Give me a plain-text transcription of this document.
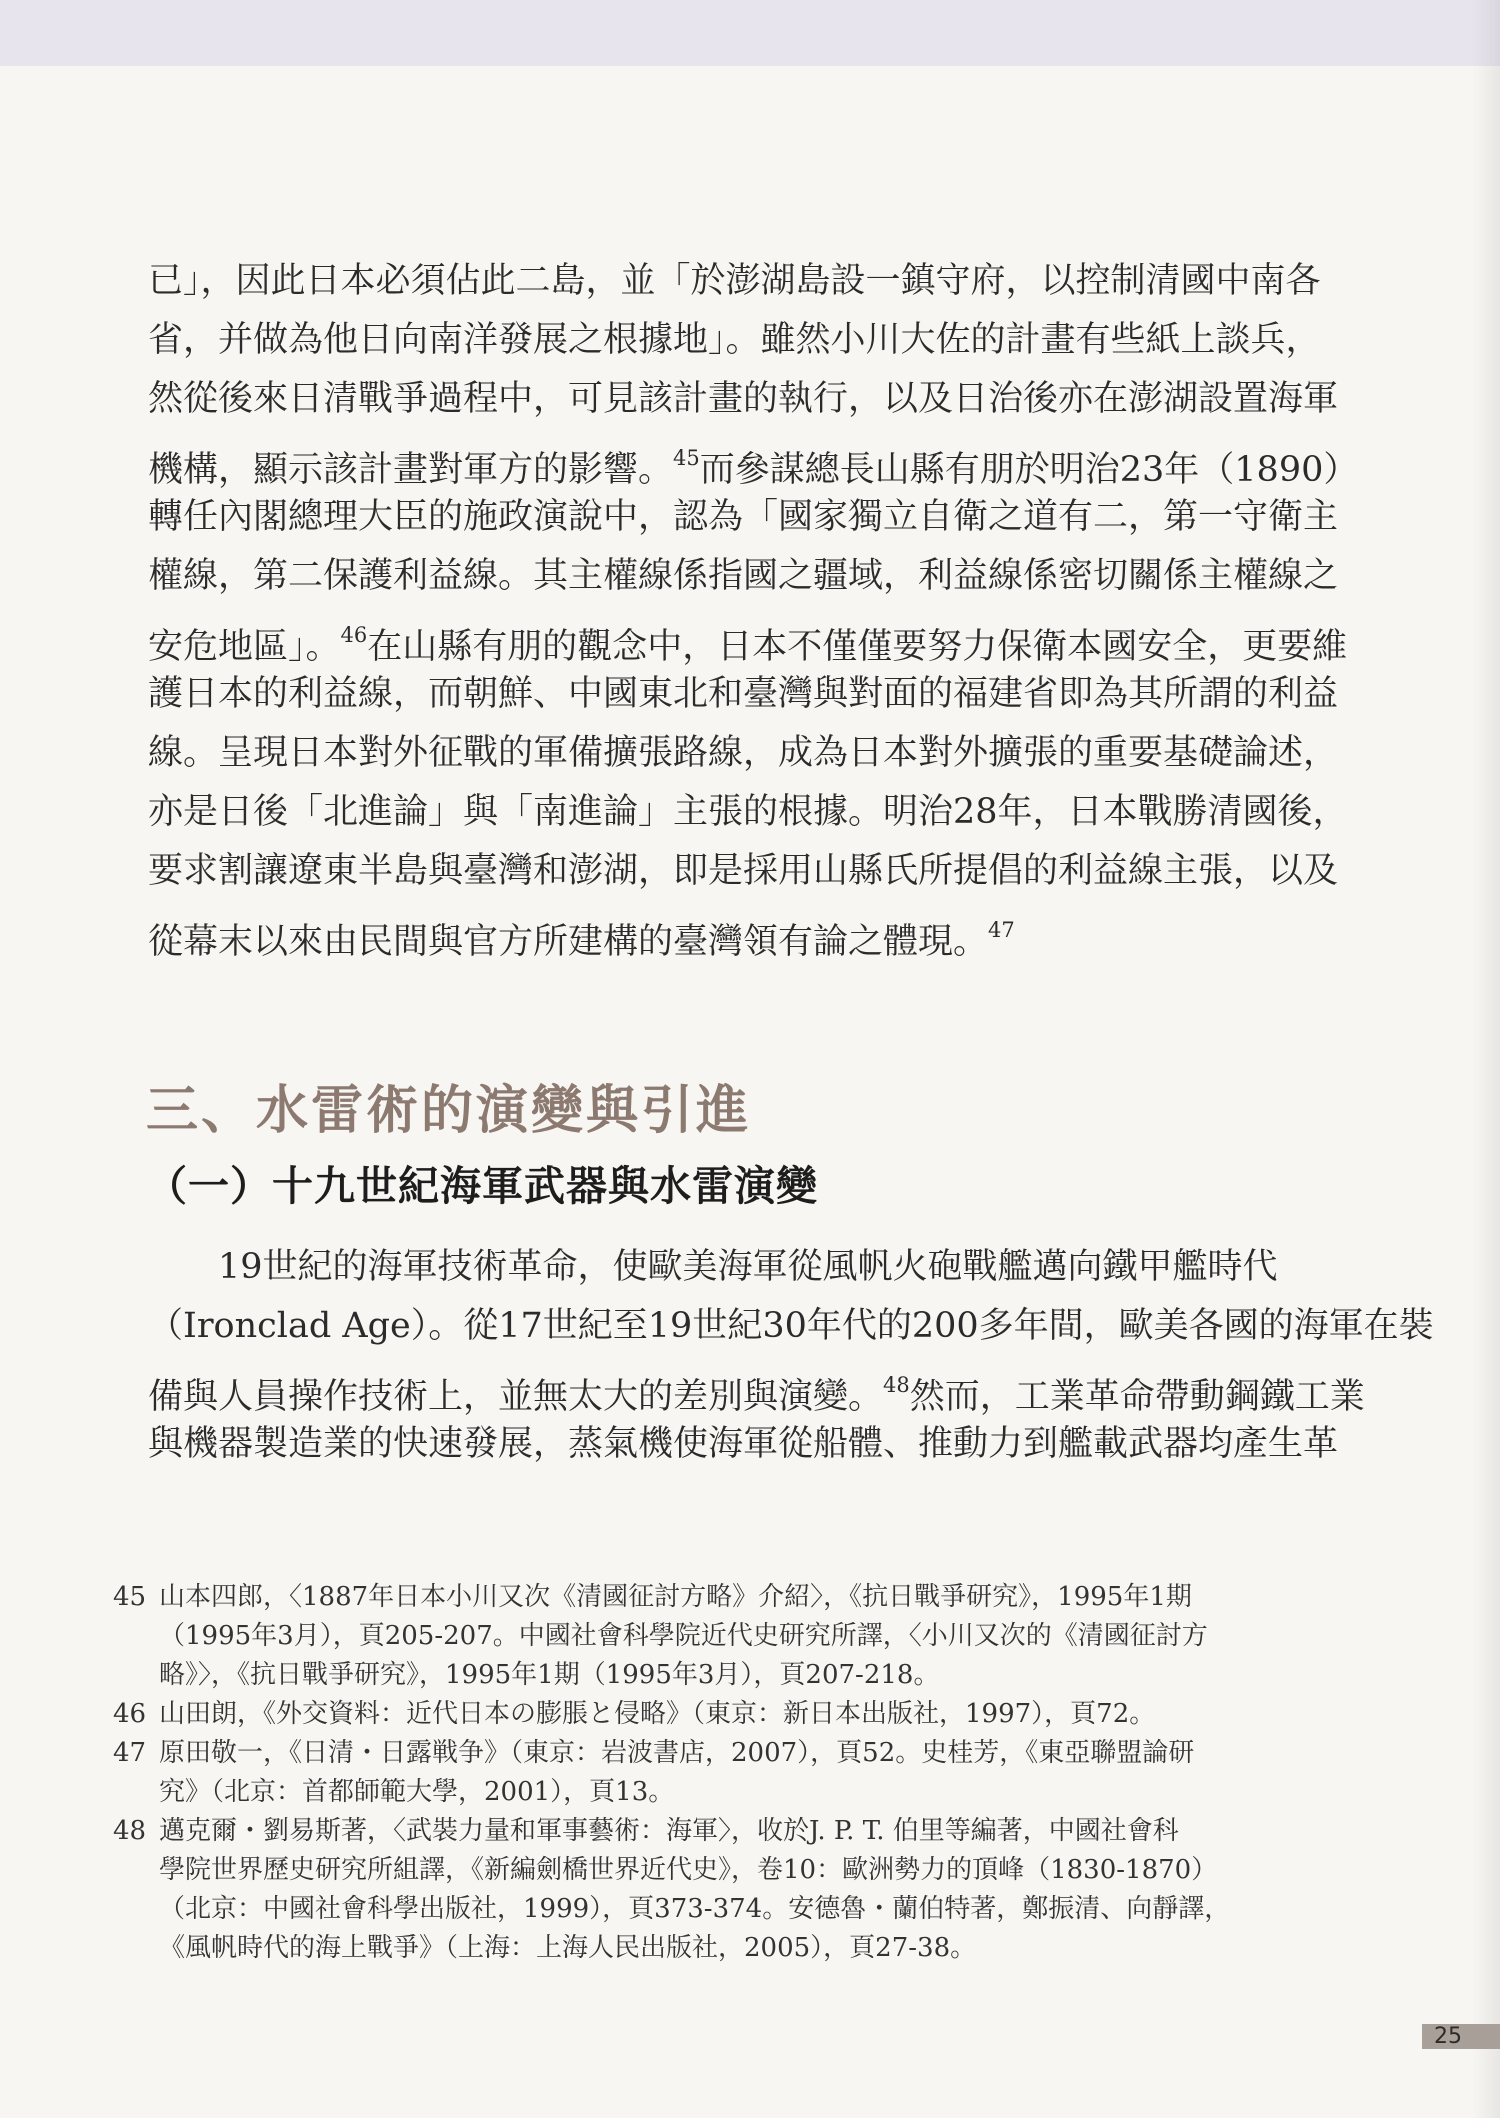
已」，因此日本必須佔此二島，並「於澎湖島設一鎮守府，以控制清國中南各
省，并做為他日向南洋發展之根據地」。雖然小川大佐的計畫有些紙上談兵，
然從後來日清戰爭過程中，可見該計畫的執行，以及日治後亦在澎湖設置海軍
機構，顯示該計畫對軍方的影響。$^{45}$而參謀總長山縣有朋於明治23年（1890）
轉任內閣總理大臣的施政演說中，認為「國家獨立自衛之道有二，第一守衛主
權線，第二保護利益線。其主權線係指國之疆域，利益線係密切關係主權線之
安危地區」。$^{46}$在山縣有朋的觀念中，日本不僅僅要努力保衛本國安全，更要維
護日本的利益線，而朝鮮、中國東北和臺灣與對面的福建省即為其所謂的利益
線。呈現日本對外征戰的軍備擴張路線，成為日本對外擴張的重要基礎論述，
亦是日後「北進論」與「南進論」主張的根據。明治28年，日本戰勝清國後，
要求割讓遼東半島與臺灣和澎湖，即是採用山縣氏所提倡的利益線主張，以及
從幕末以來由民間與官方所建構的臺灣領有論之體現。$^{47}$
三、水雷術的演變與引進
（一）十九世紀海軍武器與水雷演變
19世紀的海軍技術革命，使歐美海軍從風帆火砲戰艦邁向鐵甲艦時代
（Ironclad Age）。從17世紀至19世紀30年代的200多年間，歐美各國的海軍在裝
備與人員操作技術上，並無太大的差別與演變。$^{48}$然而，工業革命帶動鋼鐵工業
與機器製造業的快速發展，蒸氣機使海軍從船體、推動力到艦載武器均產生革
45 山本四郎，〈1887年日本小川又次《清國征討方略》介紹〉，《抗日戰爭研究》，1995年1期
（1995年3月），頁205-207。中國社會科學院近代史研究所譯，〈小川又次的《清國征討方
略》〉，《抗日戰爭研究》，1995年1期（1995年3月），頁207-218。
46 山田朗，《外交資料：近代日本の膨脹と侵略》（東京：新日本出版社，1997），頁72。
47 原田敬一，《日清・日露戦争》（東京：岩波書店，2007），頁52。史桂芳，《東亞聯盟論研
究》（北京：首都師範大學，2001），頁13。
48 邁克爾・劉易斯著，〈武裝力量和軍事藝術：海軍〉，收於J. P. T. 伯里等編著，中國社會科
學院世界歷史研究所組譯，《新編劍橋世界近代史》，卷10：歐洲勢力的頂峰（1830-1870）
（北京：中國社會科學出版社，1999），頁373-374。安德魯・蘭伯特著，鄭振清、向靜譯，
《風帆時代的海上戰爭》（上海：上海人民出版社，2005），頁27-38。
25
